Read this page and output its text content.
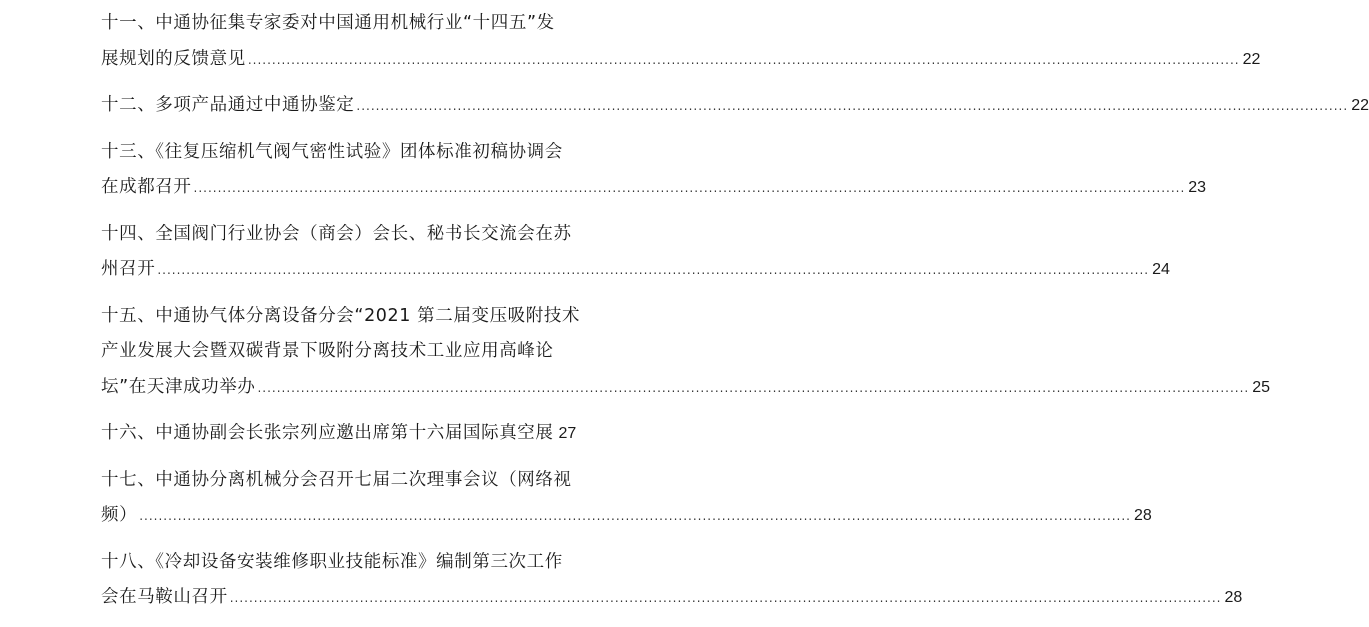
十一、中通协征集专家委对中国通用机械行业“十四五”发
展规划的反馈意见 .....	22
十二、多项产品通过中通协鉴定 .....	22
十三、《往复压缩机气阀气密性试验》团体标准初稿协调会
在成都召开 .....	23
十四、全国阀门行业协会（商会）会长、秘书长交流会在苏
州召开 .....	24
十五、中通协气体分离设备分会“2021 第二届变压吸附技术
产业发展大会暨双碳背景下吸附分离技术工业应用高峰论
坛”在天津成功举办 .....	25
十六、中通协副会长张宗列应邀出席第十六届国际真空展 27
十七、中通协分离机械分会召开七届二次理事会议（网络视
频） .....	28
十八、《冷却设备安装维修职业技能标准》编制第三次工作
会在马鞍山召开 .....	28
